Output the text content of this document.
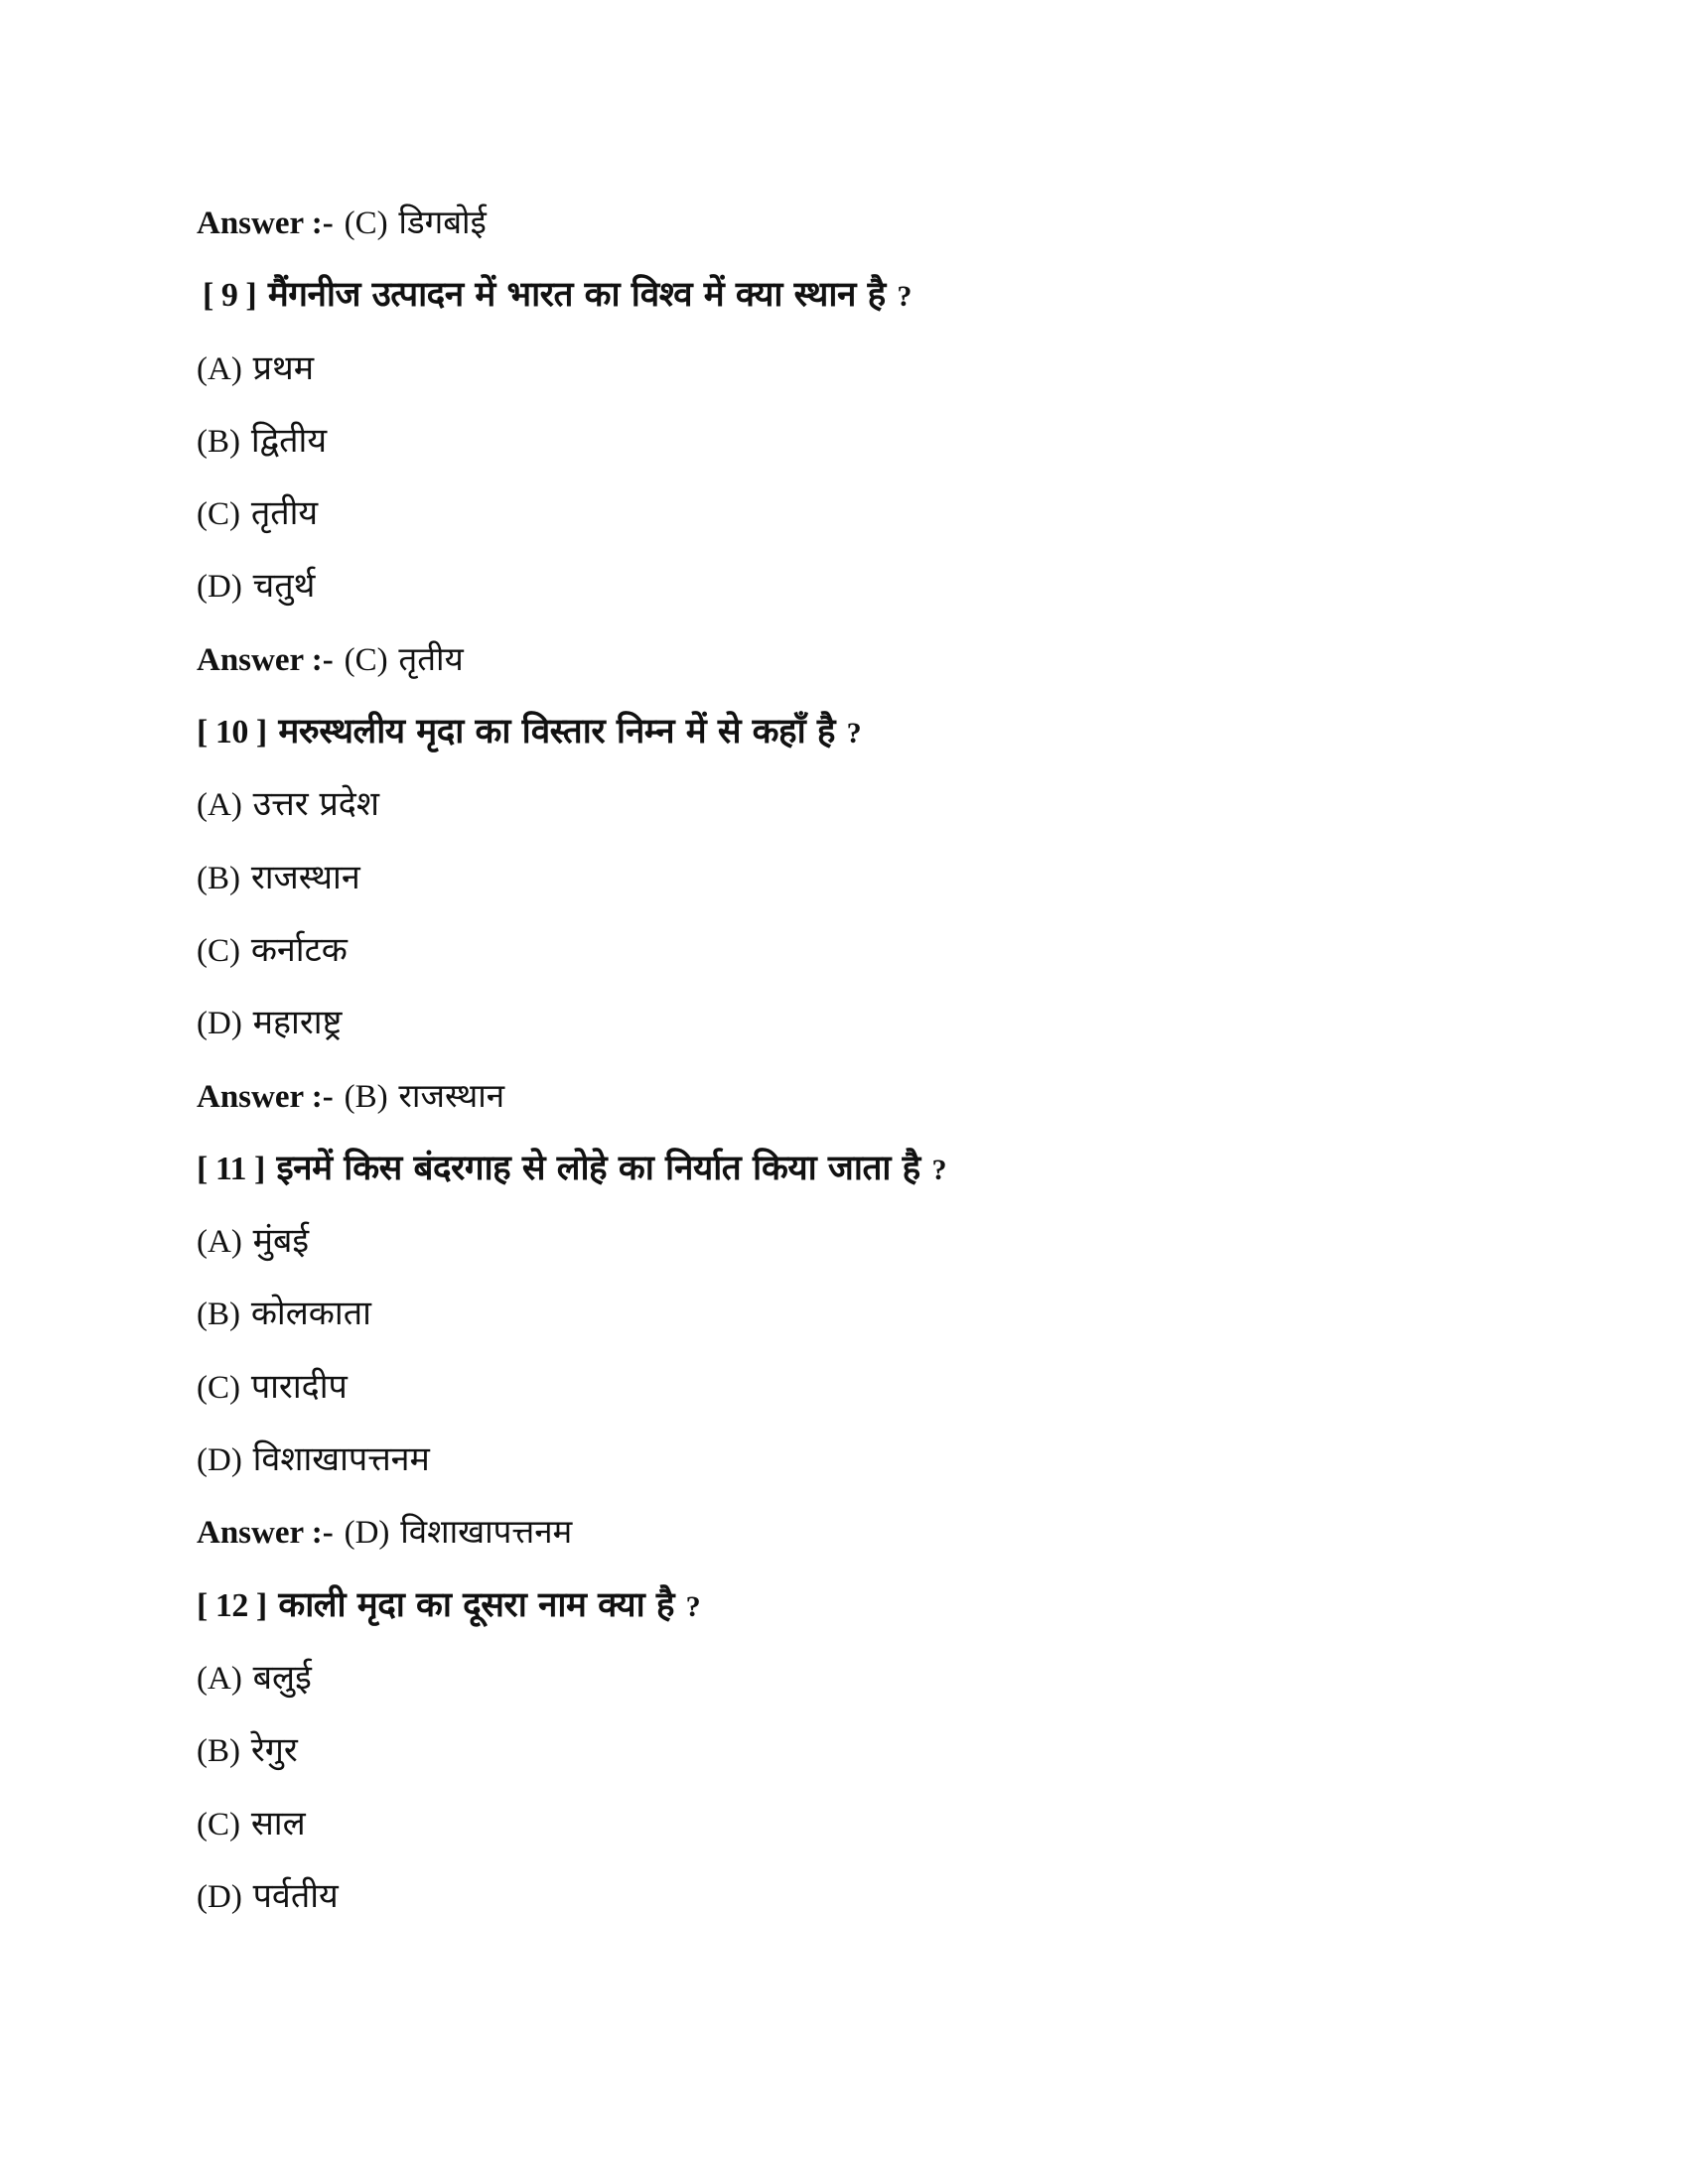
Answer :- (C) डिगबोई
[ 9 ] मैंगनीज उत्पादन में भारत का विश्व में क्या स्थान है ?
(A) प्रथम
(B) द्वितीय
(C) तृतीय
(D) चतुर्थ
Answer :- (C) तृतीय
[ 10 ] मरुस्थलीय मृदा का विस्तार निम्न में से कहाँ है ?
(A) उत्तर प्रदेश
(B) राजस्थान
(C) कर्नाटक
(D) महाराष्ट्र
Answer :- (B) राजस्थान
[ 11 ] इनमें किस बंदरगाह से लोहे का निर्यात किया जाता है ?
(A) मुंबई
(B) कोलकाता
(C) पारादीप
(D) विशाखापत्तनम
Answer :- (D) विशाखापत्तनम
[ 12 ] काली मृदा का दूसरा नाम क्या है ?
(A) बलुई
(B) रेगुर
(C) साल
(D) पर्वतीय
